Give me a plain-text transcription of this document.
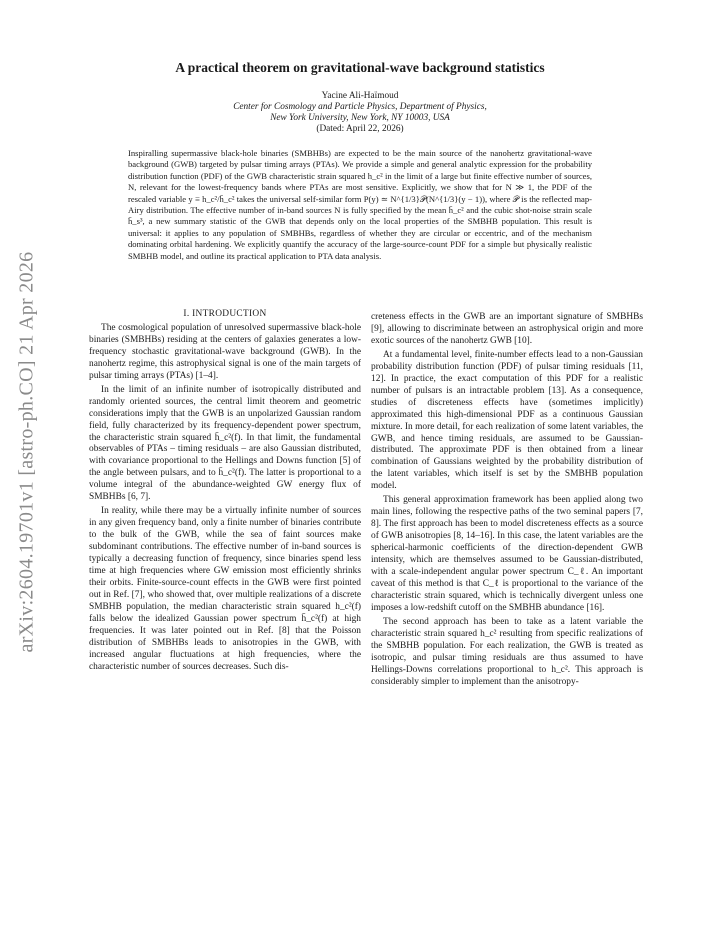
arXiv:2604.19701v1 [astro-ph.CO] 21 Apr 2026
A practical theorem on gravitational-wave background statistics
Yacine Ali-Haïmoud
Center for Cosmology and Particle Physics, Department of Physics,
New York University, New York, NY 10003, USA
(Dated: April 22, 2026)

Inspiralling supermassive black-hole binaries (SMBHBs) are expected to be the main source of the nanohertz gravitational-wave background (GWB) targeted by pulsar timing arrays (PTAs). We provide a simple and general analytic expression for the probability distribution function (PDF) of the GWB characteristic strain squared h_c² in the limit of a large but finite effective number of sources, N, relevant for the lowest-frequency bands where PTAs are most sensitive. Explicitly, we show that for N ≫ 1, the PDF of the rescaled variable y ≡ h_c²/h̄_c² takes the universal self-similar form P(y) ≃ N^{1/3}𝒫(N^{1/3}(y − 1)), where 𝒫 is the reflected map-Airy distribution. The effective number of in-band sources N is fully specified by the mean h̄_c² and the cubic shot-noise strain scale h̄_s³, a new summary statistic of the GWB that depends only on the local properties of the SMBHB population. This result is universal: it applies to any population of SMBHBs, regardless of whether they are circular or eccentric, and of the mechanism dominating orbital hardening. We explicitly quantify the accuracy of the large-source-count PDF for a simple but physically realistic SMBHB model, and outline its practical application to PTA data analysis.

I. INTRODUCTION

The cosmological population of unresolved supermassive black-hole binaries (SMBHBs) residing at the centers of galaxies generates a low-frequency stochastic gravitational-wave background (GWB). In the nanohertz regime, this astrophysical signal is one of the main targets of pulsar timing arrays (PTAs) [1–4].

In the limit of an infinite number of isotropically distributed and randomly oriented sources, the central limit theorem and geometric considerations imply that the GWB is an unpolarized Gaussian random field, fully characterized by its frequency-dependent power spectrum, the characteristic strain squared h̄_c²(f). In that limit, the fundamental observables of PTAs – timing residuals – are also Gaussian distributed, with covariance proportional to the Hellings and Downs function [5] of the angle between pulsars, and to h̄_c²(f). The latter is proportional to a volume integral of the abundance-weighted GW energy flux of SMBHBs [6, 7].

In reality, while there may be a virtually infinite number of sources in any given frequency band, only a finite number of binaries contribute to the bulk of the GWB, while the sea of faint sources make subdominant contributions. The effective number of in-band sources is typically a decreasing function of frequency, since binaries spend less time at high frequencies where GW emission most efficiently shrinks their orbits. Finite-source-count effects in the GWB were first pointed out in Ref. [7], who showed that, over multiple realizations of a discrete SMBHB population, the median characteristic strain squared h_c²(f) falls below the idealized Gaussian power spectrum h̄_c²(f) at high frequencies. It was later pointed out in Ref. [8] that the Poisson distribution of SMBHBs leads to anisotropies in the GWB, with increased angular fluctuations at high frequencies, where the characteristic number of sources decreases. Such dis-

creteness effects in the GWB are an important signature of SMBHBs [9], allowing to discriminate between an astrophysical origin and more exotic sources of the nanohertz GWB [10].

At a fundamental level, finite-number effects lead to a non-Gaussian probability distribution function (PDF) of pulsar timing residuals [11, 12]. In practice, the exact computation of this PDF for a realistic number of pulsars is an intractable problem [13]. As a consequence, studies of discreteness effects have (sometimes implicitly) approximated this high-dimensional PDF as a continuous Gaussian mixture. In more detail, for each realization of some latent variables, the GWB, and hence timing residuals, are assumed to be Gaussian-distributed. The approximate PDF is then obtained from a linear combination of Gaussians weighted by the probability distribution of the latent variables, which itself is set by the SMBHB population model.

This general approximation framework has been applied along two main lines, following the respective paths of the two seminal papers [7, 8]. The first approach has been to model discreteness effects as a source of GWB anisotropies [8, 14–16]. In this case, the latent variables are the spherical-harmonic coefficients of the direction-dependent GWB intensity, which are themselves assumed to be Gaussian-distributed, with a scale-independent angular power spectrum C_ℓ. An important caveat of this method is that C_ℓ is proportional to the variance of the characteristic strain squared, which is technically divergent unless one imposes a low-redshift cutoff on the SMBHB abundance [16].

The second approach has been to take as a latent variable the characteristic strain squared h_c² resulting from specific realizations of the SMBHB population. For each realization, the GWB is treated as isotropic, and pulsar timing residuals are thus assumed to have Hellings-Downs correlations proportional to h_c². This approach is considerably simpler to implement than the anisotropy-
